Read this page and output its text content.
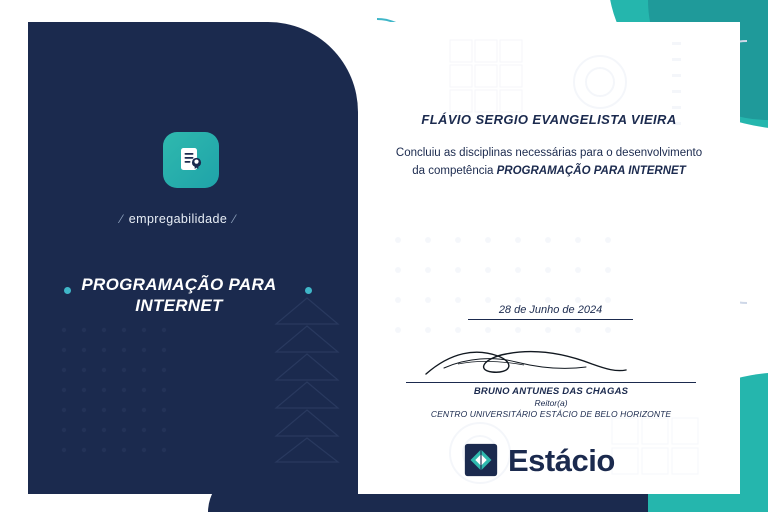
⁄ empregabilidade ⁄
PROGRAMAÇÃO PARA INTERNET
FLÁVIO SERGIO EVANGELISTA VIEIRA
Concluiu as disciplinas necessárias para o desenvolvimento da competência PROGRAMAÇÃO PARA INTERNET
28 de Junho de 2024
BRUNO ANTUNES DAS CHAGAS
Reitor(a)
CENTRO UNIVERSITÁRIO ESTÁCIO DE BELO HORIZONTE
Estácio
